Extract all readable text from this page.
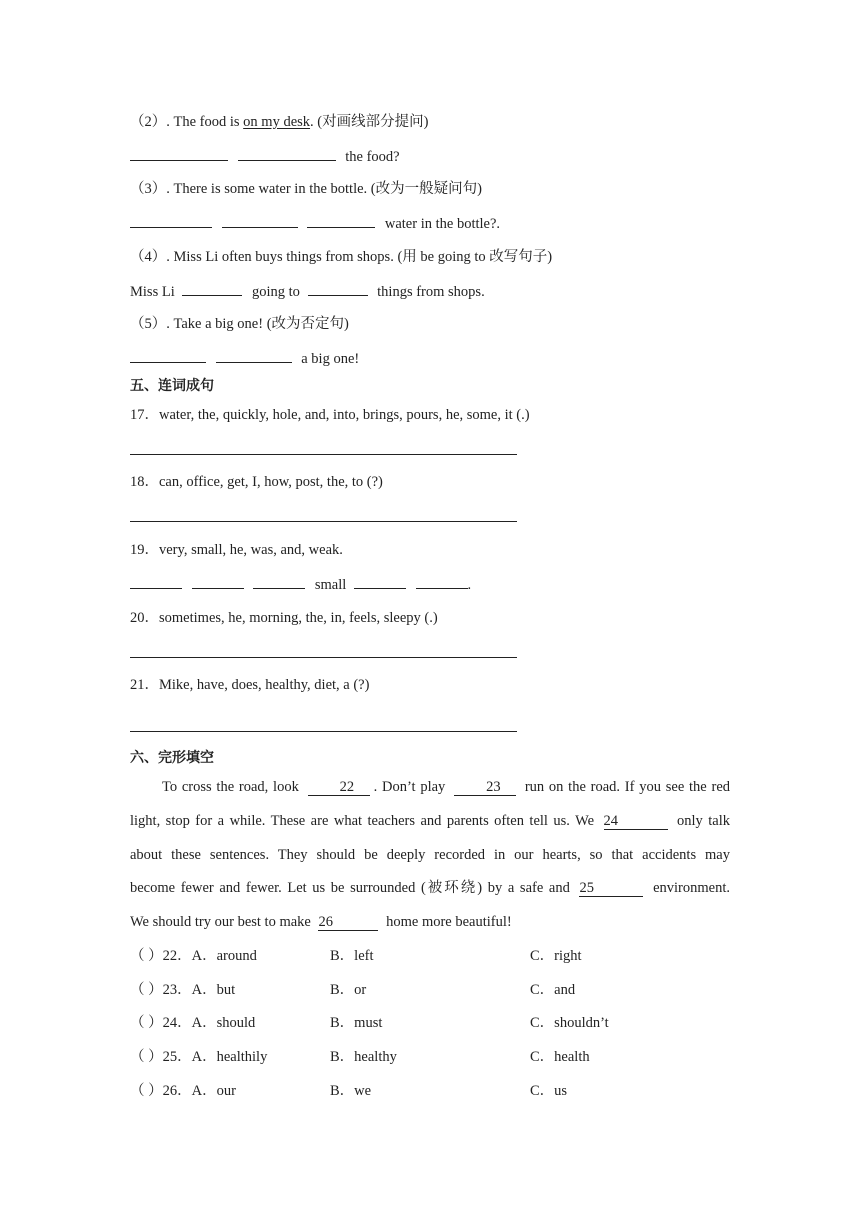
（2）. The food is on my desk. (对画线部分提问)
the food?
（3）. There is some water in the bottle. (改为一般疑问句)
water in the bottle?.
（4）. Miss Li often buys things from shops. (用 be going to 改写句子)
Miss Li	going to	things from shops.
（5）. Take a big one! (改为否定句)
a big one!
五、连词成句
17．water, the, quickly, hole, and, into, brings, pours, he, some, it (.)
18．can, office, get, I, how, post, the, to (?)
19．very, small, he, was, and, weak.
small	.
20．sometimes, he, morning, the, in, feels, sleepy (.)
21．Mike, have, does, healthy, diet, a (?)
六、完形填空
To cross the road, look	22 . Don’t play	23 run on the road. If you see the red
light, stop for a while. These are what teachers and parents often tell us. We 24	only talk
about these sentences. They should be deeply recorded in our hearts, so that accidents may
become fewer and fewer. Let us be surrounded (被环绕) by a safe and 25	environment.
We should try our best to make 26	home more beautiful!
（ ）22．A．around	B．left	C．right
（ ）23．A．but	B．or	C．and
（ ）24．A．should	B．must	C．shouldn’t
（ ）25．A．healthily	B．healthy	C．health
（ ）26．A．our	B．we	C．us
